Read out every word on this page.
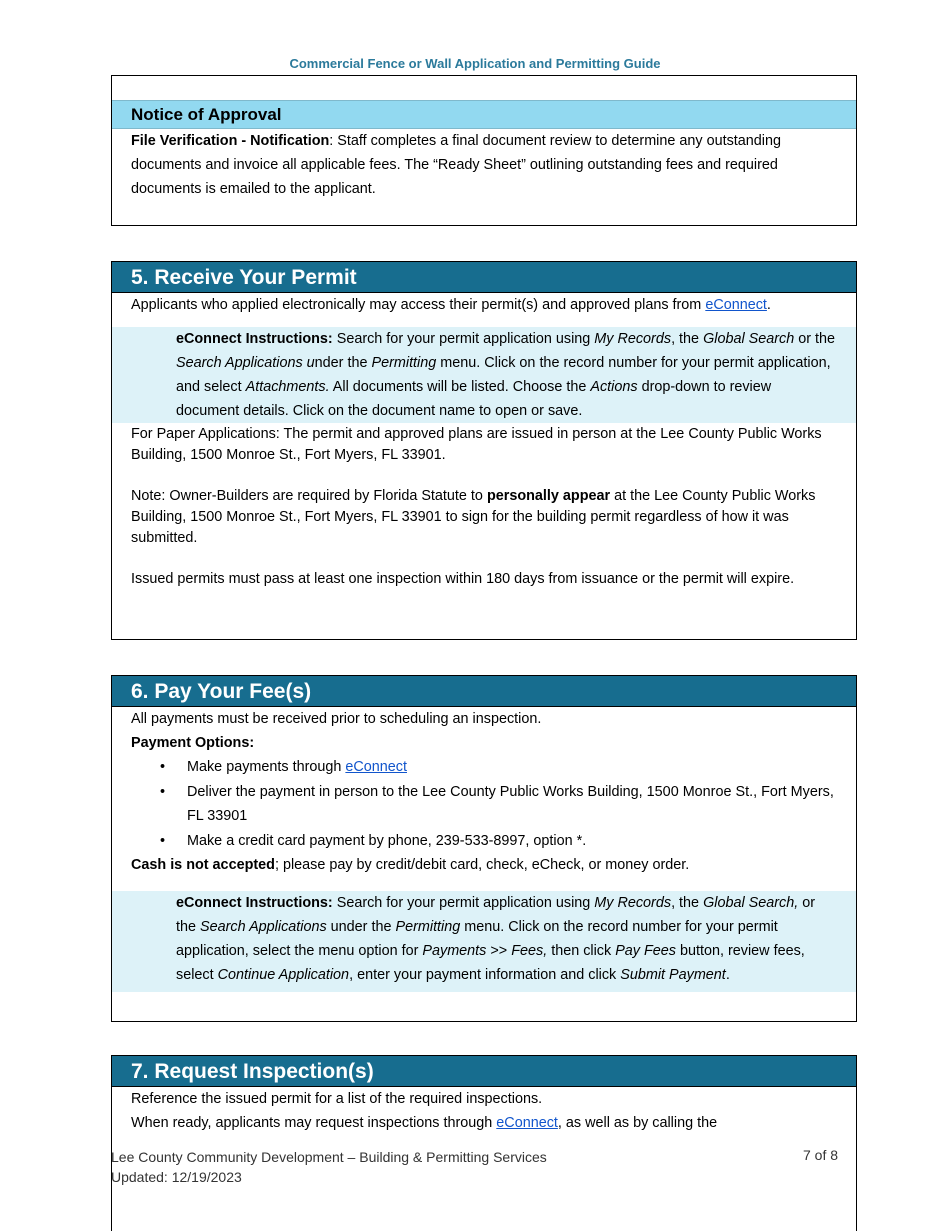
Commercial Fence or Wall Application and Permitting Guide
Notice of Approval
File Verification - Notification: Staff completes a final document review to determine any outstanding documents and invoice all applicable fees. The “Ready Sheet” outlining outstanding fees and required documents is emailed to the applicant.
5. Receive Your Permit
Applicants who applied electronically may access their permit(s) and approved plans from eConnect.
eConnect Instructions: Search for your permit application using My Records, the Global Search or the Search Applications under the Permitting menu. Click on the record number for your permit application, and select Attachments. All documents will be listed. Choose the Actions drop-down to review document details. Click on the document name to open or save.
For Paper Applications: The permit and approved plans are issued in person at the Lee County Public Works Building, 1500 Monroe St., Fort Myers, FL 33901.
Note: Owner-Builders are required by Florida Statute to personally appear at the Lee County Public Works Building, 1500 Monroe St., Fort Myers, FL 33901 to sign for the building permit regardless of how it was submitted.
Issued permits must pass at least one inspection within 180 days from issuance or the permit will expire.
6. Pay Your Fee(s)
All payments must be received prior to scheduling an inspection.
Payment Options:
• Make payments through eConnect
• Deliver the payment in person to the Lee County Public Works Building, 1500 Monroe St., Fort Myers, FL 33901
• Make a credit card payment by phone, 239-533-8997, option *.
Cash is not accepted; please pay by credit/debit card, check, eCheck, or money order.
eConnect Instructions: Search for your permit application using My Records, the Global Search, or the Search Applications under the Permitting menu. Click on the record number for your permit application, select the menu option for Payments >> Fees, then click Pay Fees button, review fees, select Continue Application, enter your payment information and click Submit Payment.
7. Request Inspection(s)
Reference the issued permit for a list of the required inspections.
When ready, applicants may request inspections through eConnect, as well as by calling the
Lee County Community Development – Building & Permitting Services
Updated: 12/19/2023
7 of 8
